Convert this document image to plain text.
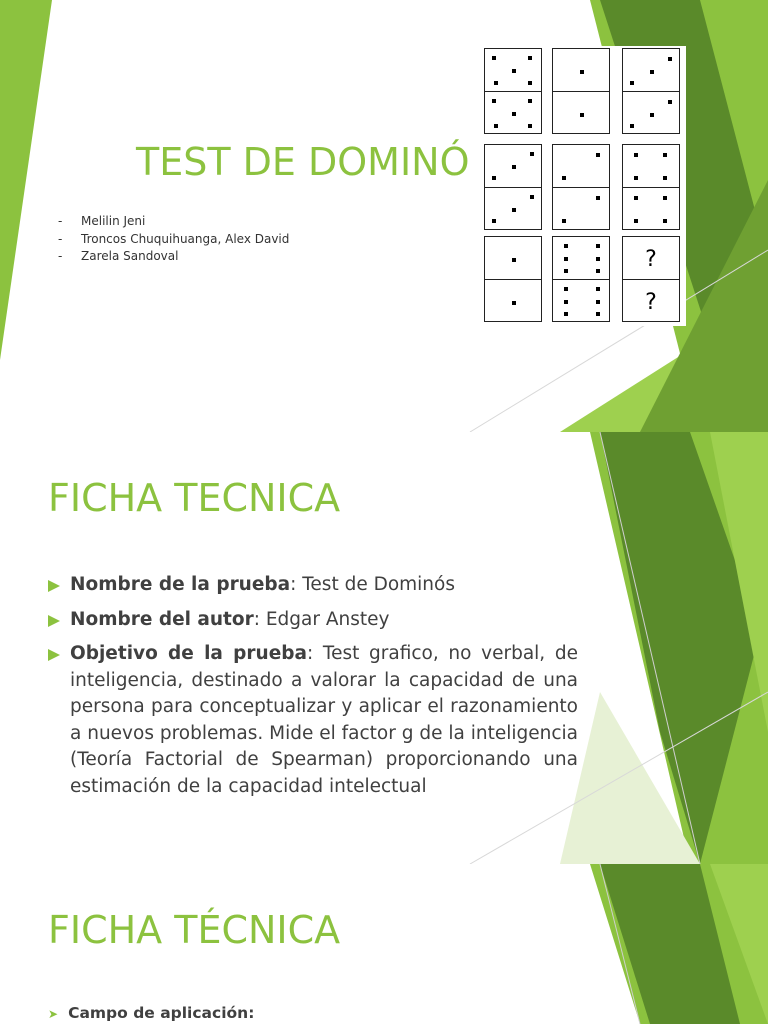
TEST DE DOMINÓ
-	Melilin Jeni
-	Troncos Chuquihuanga, Alex David
-	Zarela Sandoval	?
?
FICHA TECNICA
Nombre de la prueba: Test de Dominós
Nombre del autor: Edgar Anstey
Objetivo de la prueba: Test grafico, no verbal, de inteligencia, destinado a valorar la capacidad de una persona para conceptualizar y aplicar el razonamiento a nuevos problemas. Mide el factor g de la inteligencia (Teoría Factorial de Spearman) proporcionando una estimación de la capacidad intelectual
FICHA TÉCNICA
➤ Campo de aplicación:
